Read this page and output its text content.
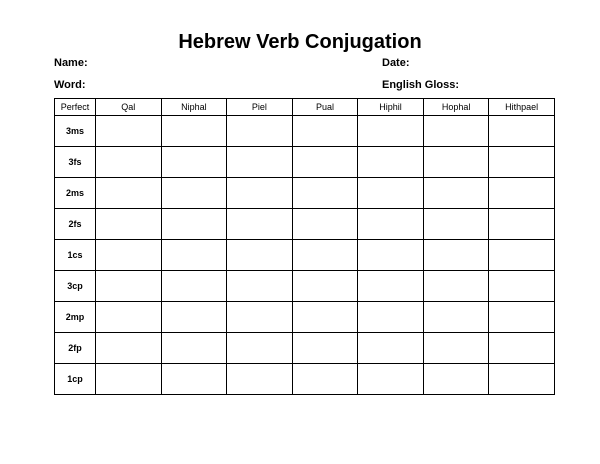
Hebrew Verb Conjugation
Name:
Word:
Date:
English Gloss:
Perfect	Qal	Niphal	Piel	Pual	Hiphil	Hophal	Hithpael
3ms							
3fs							
2ms							
2fs							
1cs							
3cp							
2mp							
2fp							
1cp							
